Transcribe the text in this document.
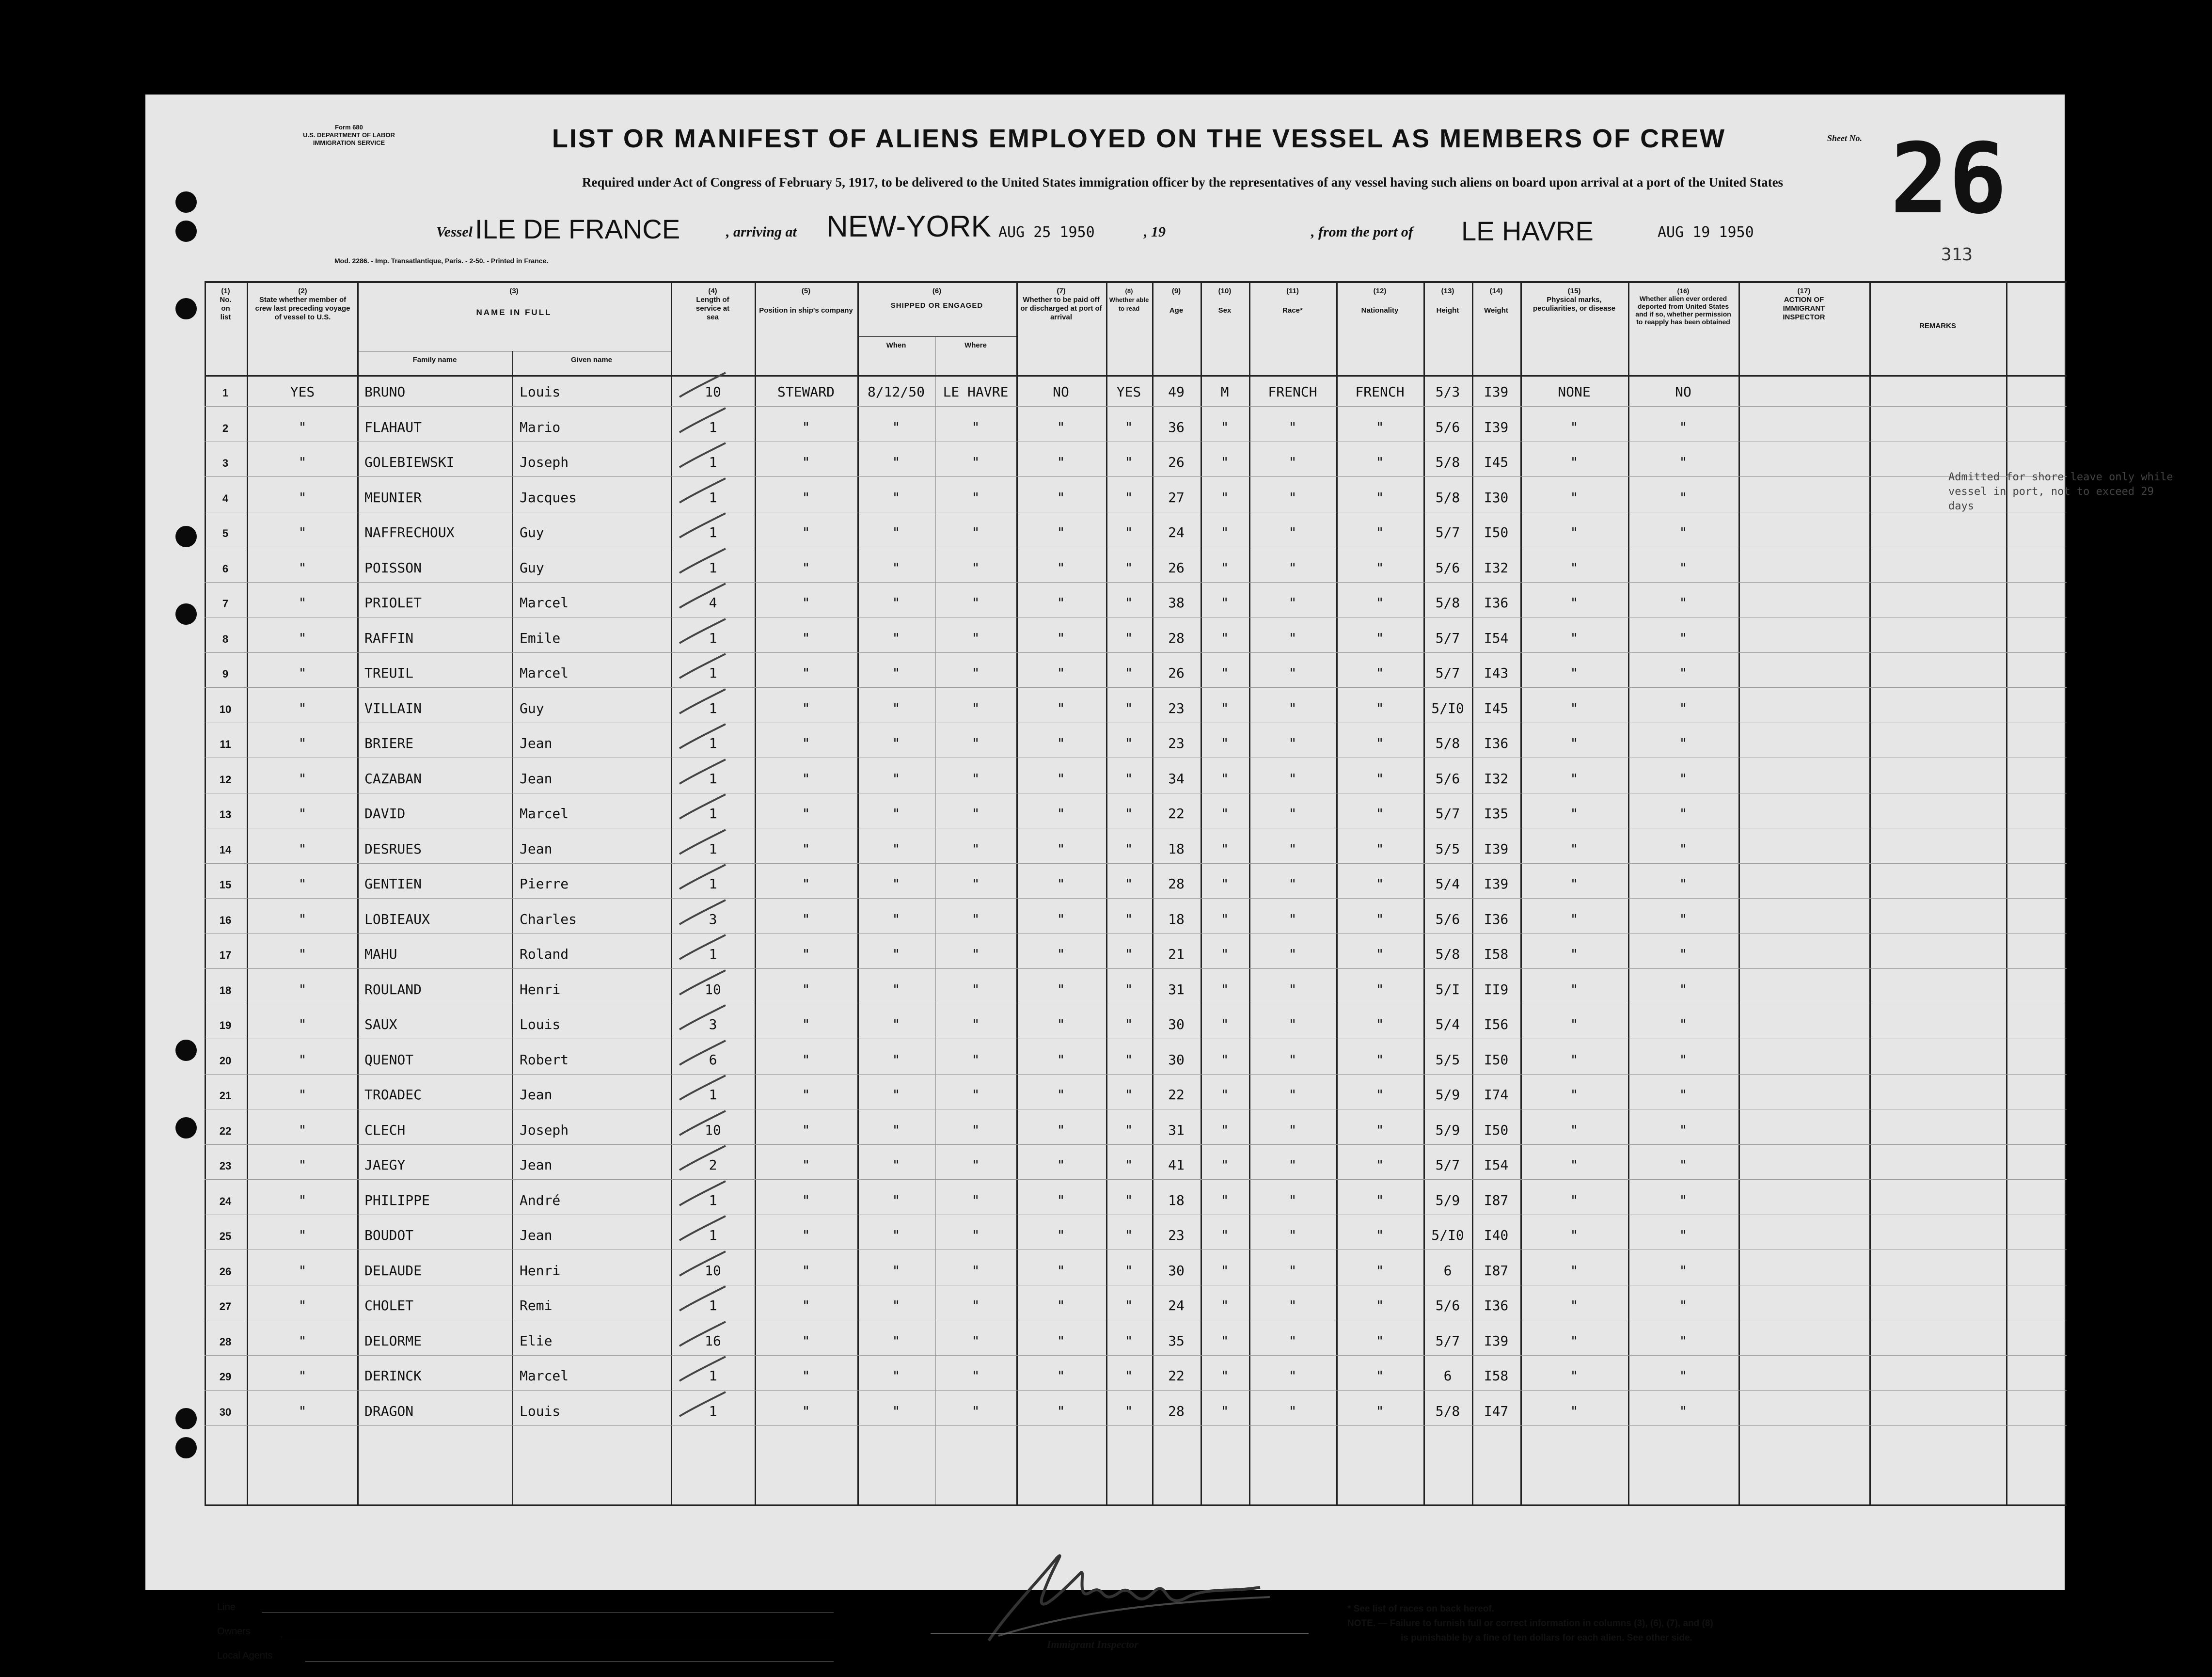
Form 680
U.S. DEPARTMENT OF LABOR
IMMIGRATION SERVICE	LIST OR MANIFEST OF ALIENS EMPLOYED ON THE VESSEL AS MEMBERS OF CREW	Sheet No. 26
313
Required under Act of Congress of February 5, 1917, to be delivered to the United States immigration officer by the representatives of any vessel having such aliens on board upon arrival at a port of the United States
Vessel ILE DE FRANCE	, arriving at NEW-YORK AUG 25 1950	, 19	, from the port of LE HAVRE	AUG 19 1950
Mod. 2286. - Imp. Transatlantique, Paris. - 2-50. - Printed in France.
(1)
No. on list
(2)
State whether member of crew last preceding voyage of vessel to U.S.
(3)
NAME IN FULL
Family name	Given name
(4)
Length of service at sea
(5)
Position in ship's company
(6)
SHIPPED OR ENGAGED
When	Where
(7)
Whether to be paid off or discharged at port of arrival
(8)
Whether able to read
(9)
Age
(10)
Sex
(11)
Race*
(12)
Nationality
(13)
Height
(14)
Weight
(15)
Physical marks, peculiarities, or disease
(16)
Whether alien ever ordered deported from United States and if so, whether permission to reapply has been obtained
(17)
ACTION OF IMMIGRANT INSPECTOR
REMARKS
1	YES	BRUNO	Louis	10	STEWARD 8/12/50 LE HAVRE	NO	YES 49	M	FRENCH	FRENCH 5/3 I39	NONE	NO
2	"	FLAHAUT	Mario	1	"	"	"	"	"	36	"	"	"	5/6 I39	"	"
3	"	GOLEBIEWSKI	Joseph	1	"	"	"	"	"	26	"	"	"	5/8 I45	"	"
4	"	MEUNIER	Jacques	1	"	"	"	"	"	27	"	"	"	5/8 I30	"	"
5	"	NAFFRECHOUX	Guy	1	"	"	"	"	"	24	"	"	"	5/7 I50	"	"
6	"	POISSON	Guy	1	"	"	"	"	"	26	"	"	"	5/6 I32	"	"
7	"	PRIOLET	Marcel	4	"	"	"	"	"	38	"	"	"	5/8 I36	"	"
8	"	RAFFIN	Emile	1	"	"	"	"	"	28	"	"	"	5/7 I54	"	"
9	"	TREUIL	Marcel	1	"	"	"	"	"	26	"	"	"	5/7 I43	"	"
10	"	VILLAIN	Guy	1	"	"	"	"	"	23	"	"	"	5/I0 I45	"	"
11	"	BRIERE	Jean	1	"	"	"	"	"	23	"	"	"	5/8 I36	"	"
12	"	CAZABAN	Jean	1	"	"	"	"	"	34	"	"	"	5/6 I32	"	"
13	"	DAVID	Marcel	1	"	"	"	"	"	22	"	"	"	5/7 I35	"	"
14	"	DESRUES	Jean	1	"	"	"	"	"	18	"	"	"	5/5 I39	"	"
15	"	GENTIEN	Pierre	1	"	"	"	"	"	28	"	"	"	5/4 I39	"	"
16	"	LOBIEAUX	Charles	3	"	"	"	"	"	18	"	"	"	5/6 I36	"	"
17	"	MAHU	Roland	1	"	"	"	"	"	21	"	"	"	5/8 I58	"	"
18	"	ROULAND	Henri	10	"	"	"	"	"	31	"	"	"	5/I II9	"	"
19	"	SAUX	Louis	3	"	"	"	"	"	30	"	"	"	5/4 I56	"	"
20	"	QUENOT	Robert	6	"	"	"	"	"	30	"	"	"	5/5 I50	"	"
21	"	TROADEC	Jean	1	"	"	"	"	"	22	"	"	"	5/9 I74	"	"
22	"	CLECH	Joseph	10	"	"	"	"	"	31	"	"	"	5/9 I50	"	"
23	"	JAEGY	Jean	2	"	"	"	"	"	41	"	"	"	5/7 I54	"	"
24	"	PHILIPPE	André	1	"	"	"	"	"	18	"	"	"	5/9 I87	"	"
25	"	BOUDOT	Jean	1	"	"	"	"	"	23	"	"	"	5/I0 I40	"	"
26	"	DELAUDE	Henri	10	"	"	"	"	"	30	"	"	"	6 I87	"	"
27	"	CHOLET	Remi	1	"	"	"	"	"	24	"	"	"	5/6 I36	"	"
28	"	DELORME	Elie	16	"	"	"	"	"	35	"	"	"	5/7 I39	"	"
29	"	DERINCK	Marcel	1	"	"	"	"	"	22	"	"	"	6 I58	"	"
30	"	DRAGON	Louis	1	"	"	"	"	"	28	"	"	"	5/8 I47	"	"
Admitted for shore leave only while vessel in port, not to exceed 29 days
Line
Owners
Local Agents
Immigrant Inspector
* See list of races on back hereof.
NOTE. — Failure to furnish full or correct information in columns (3), (6), (7), and (8)
is punishable by a fine of ten dollars for each alien. See other side.
